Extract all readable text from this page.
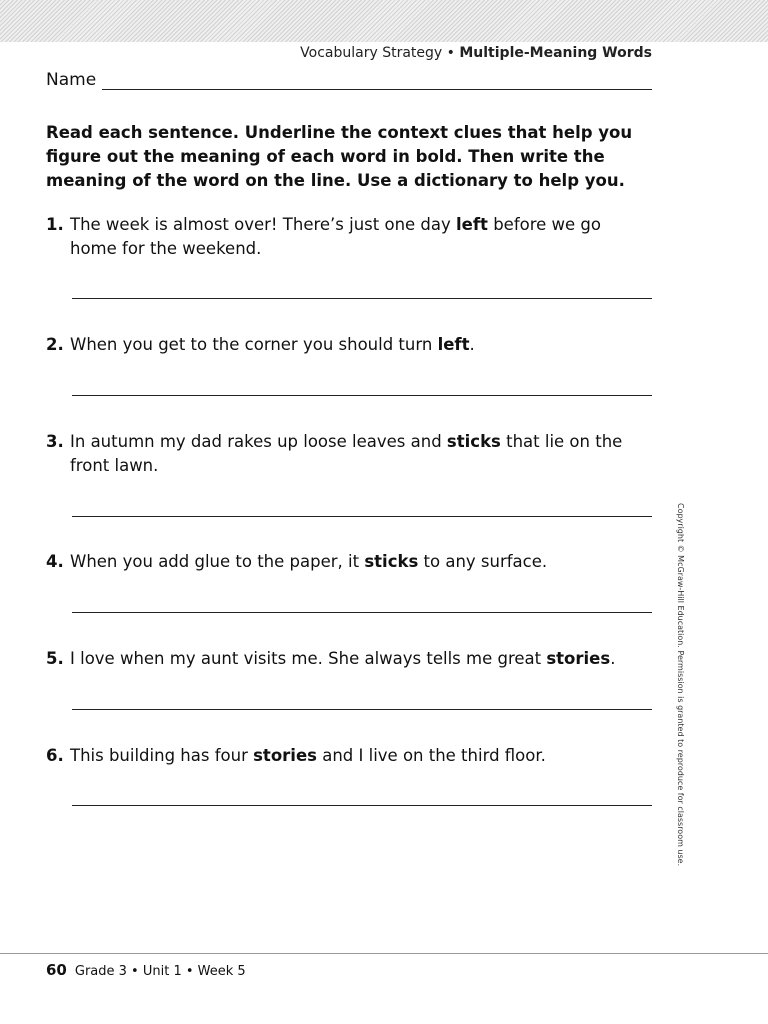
Vocabulary Strategy • Multiple-Meaning Words
Name

Read each sentence. Underline the context clues that help you figure out the meaning of each word in bold. Then write the meaning of the word on the line. Use a dictionary to help you.

1. The week is almost over! There’s just one day left before we go home for the weekend.
2. When you get to the corner you should turn left.
3. In autumn my dad rakes up loose leaves and sticks that lie on the front lawn.
4. When you add glue to the paper, it sticks to any surface.
5. I love when my aunt visits me. She always tells me great stories.
6. This building has four stories and I live on the third floor.	Copyright © McGraw-Hill Education. Permission is granted to reproduce for classroom use.
60 Grade 3 • Unit 1 • Week 5
